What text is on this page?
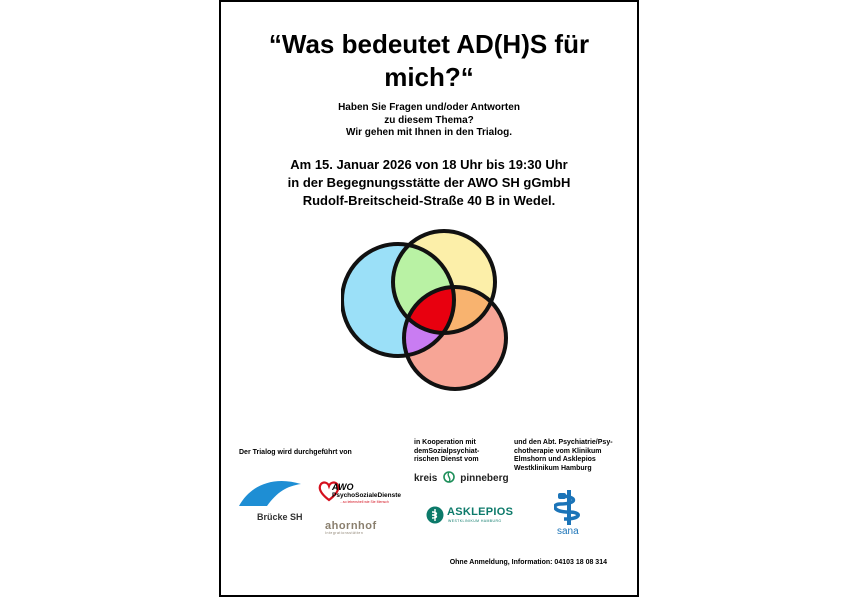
“Was bedeutet AD(H)S für
mich?“
Haben Sie Fragen und/oder Antworten
zu diesem Thema?
Wir gehen mit Ihnen in den Trialog.
Am 15. Januar 2026 von 18 Uhr bis 19:30 Uhr
in der Begegnungsstätte der AWO SH gGmbH
Rudolf-Breitscheid-Straße 40 B in Wedel.
Der Trialog wird durchgeführt von
in Kooperation mit
demSozialpsychiat-
rischen Dienst vom
und den Abt. Psychiatrie/Psy-
chotherapie vom Klinikum
Elmshorn und Asklepios
Westklinikum Hamburg
Brücke SH
AWO
PsychoSozialeDienste
...so lebenshell wie Sie Mensch
ahornhof
Integrationsstätten
kreis pinneberg
ASKLEPIOS
WESTKLINIKUM HAMBURG
sana
Ohne Anmeldung, Information: 04103 18 08 314
